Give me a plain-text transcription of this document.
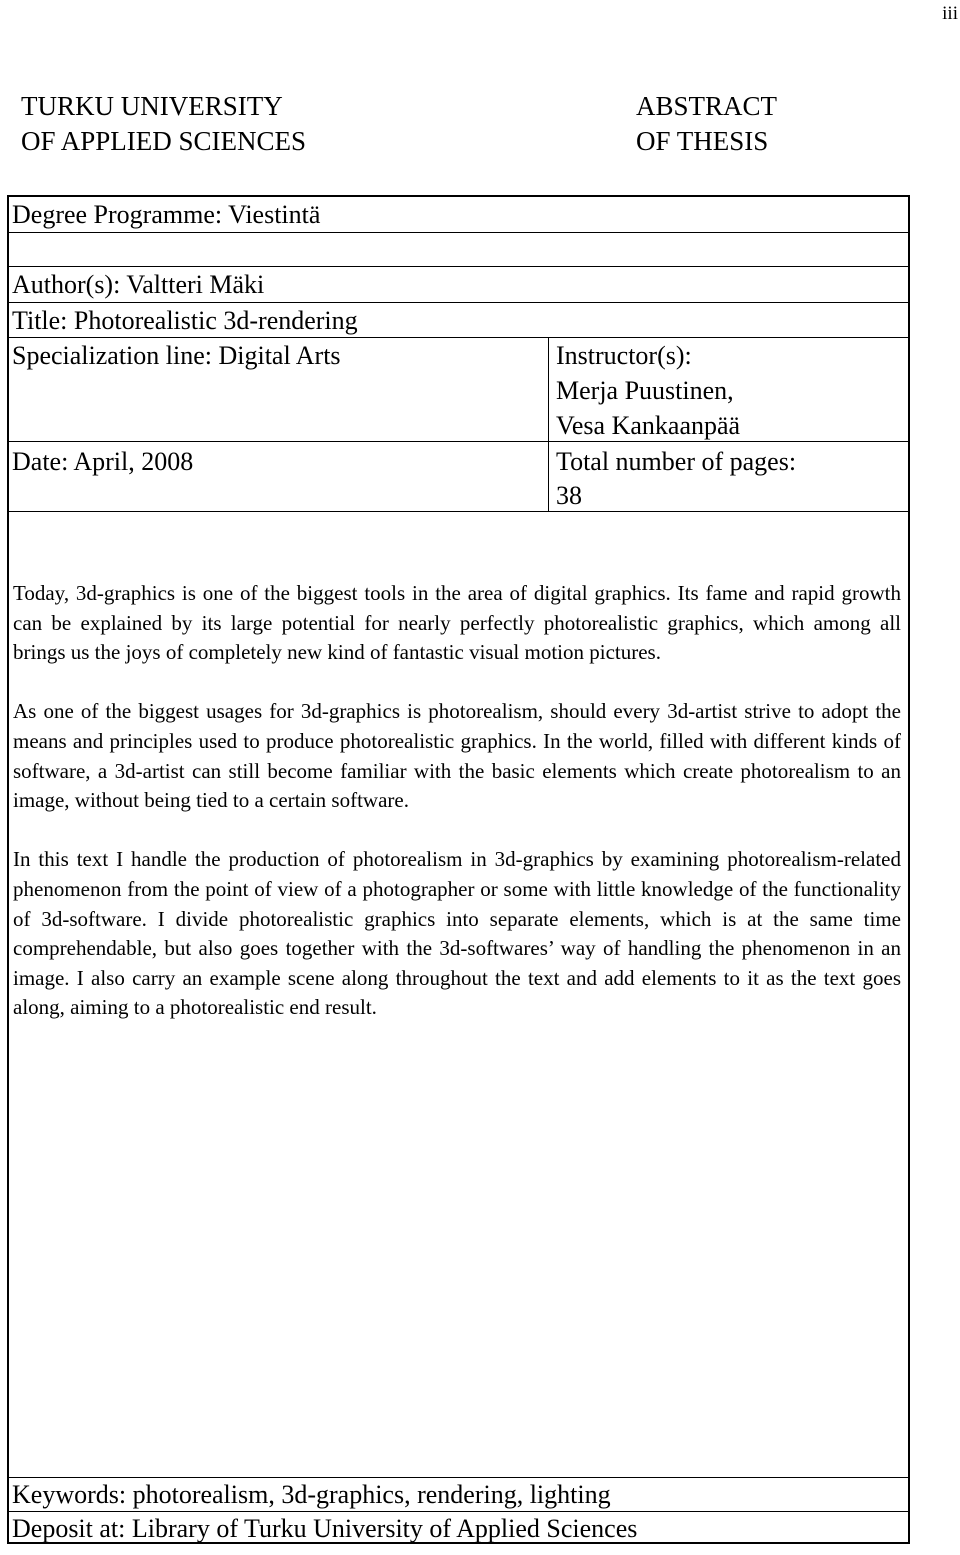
iii
TURKU UNIVERSITY
OF APPLIED SCIENCES
ABSTRACT
OF THESIS
Degree Programme: Viestintä
Author(s): Valtteri Mäki
Title: Photorealistic 3d-rendering
Specialization line: Digital Arts	Instructor(s):
Merja Puustinen,
Vesa Kankaanpää
Date: April, 2008	Total number of pages:
38

Today, 3d-graphics is one of the biggest tools in the area of digital graphics. Its fame and rapid growth can be explained by its large potential for nearly perfectly photorealistic graphics, which among all brings us the joys of completely new kind of fantastic visual motion pictures.

As one of the biggest usages for 3d-graphics is photorealism, should every 3d-artist strive to adopt the means and principles used to produce photorealistic graphics. In the world, filled with different kinds of software, a 3d-artist can still become familiar with the basic elements which create photorealism to an image, without being tied to a certain software.

In this text I handle the production of photorealism in 3d-graphics by examining photorealism-related phenomenon from the point of view of a photographer or some with little knowledge of the functionality of 3d-software. I divide photorealistic graphics into separate elements, which is at the same time comprehendable, but also goes together with the 3d-softwares’ way of handling the phenomenon in an image. I also carry an example scene along throughout the text and add elements to it as the text goes along, aiming to a photorealistic end result.

Keywords: photorealism, 3d-graphics, rendering, lighting
Deposit at: Library of Turku University of Applied Sciences
